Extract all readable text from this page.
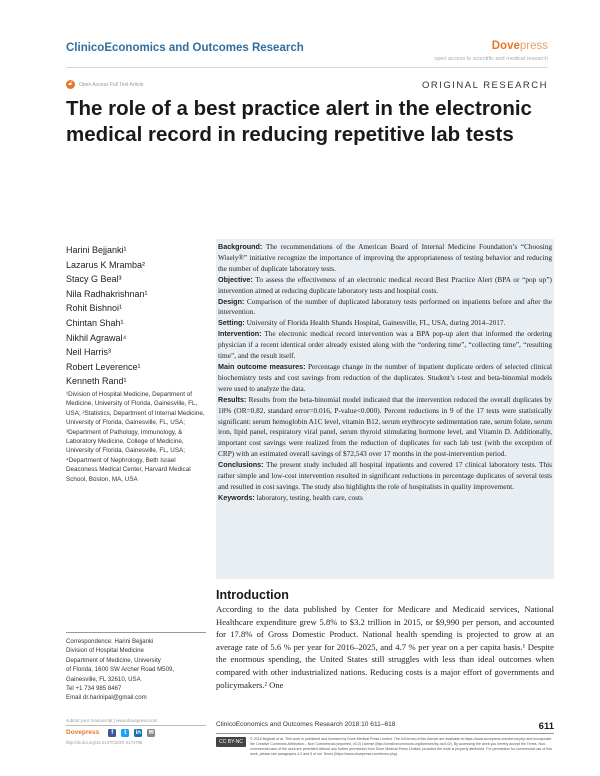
ClinicoEconomics and Outcomes Research	Dovepress
open access to scientific and medical research
🔓︎	Open Access Full Text Article	ORIGINAL RESEARCH
The role of a best practice alert in the electronic medical record in reducing repetitive lab tests
Harini Bejjanki¹
Lazarus K Mramba²
Stacy G Beal³
Nila Radhakrishnan¹
Rohit Bishnoi¹
Chintan Shah¹
Nikhil Agrawal⁴
Neil Harris³
Robert Leverence¹
Kenneth Rand¹
¹Division of Hospital Medicine, Department of Medicine, University of Florida, Gainesville, FL, USA; ²Statistics, Department of Internal Medicine, University of Florida, Gainesville, FL, USA; ³Department of Pathology, Immunology, & Laboratory Medicine, College of Medicine, University of Florida, Gainesville, FL, USA; ⁴Department of Nephrology, Beth Israel Deaconess Medical Center, Harvard Medical School, Boston, MA, USA
Correspondence: Harini Bejjanki
Division of Hospital Medicine
Department of Medicine, University
of Florida, 1600 SW Archer Road M509,
Gainesville, FL 32610, USA
Tel +1 734 985 8467
Email dr.harinipal@gmail.com

Background: The recommendations of the American Board of Internal Medicine Foundation’s “Choosing Wisely®” initiative recognize the importance of improving the appropriateness of testing behavior and reducing the number of duplicate laboratory tests.

Objective: To assess the effectiveness of an electronic medical record Best Practice Alert (BPA or “pop up”) intervention aimed at reducing duplicate laboratory tests and hospital costs.

Design: Comparison of the number of duplicated laboratory tests performed on inpatients before and after the intervention.

Setting: University of Florida Health Shands Hospital, Gainesville, FL, USA, during 2014–2017.

Intervention: The electronic medical record intervention was a BPA pop-up alert that informed the ordering physician if a recent identical order already existed along with the “ordering time”, “collecting time”, “resulting time”, and the result itself.

Main outcome measures: Percentage change in the number of inpatient duplicate orders of selected clinical biochemistry tests and cost savings from reduction of the duplicates. Student’s t-test and beta-binomial models were used to analyze the data.

Results: Results from the beta-binomial model indicated that the intervention reduced the overall duplicates by 18% (OR=0.82, standard error=0.016, P-value<0.000). Percent reductions in 9 of the 17 tests were statistically significant: serum hemoglobin A1C level, vitamin B12, serum erythrocyte sedimentation rate, serum folate, serum iron, lipid panel, respiratory viral panel, serum thyroid stimulating hormone level, and Vitamin D. Additionally, important cost savings were realized from the reduction of duplicates for each lab test (with the exception of CRP) with an estimated overall savings of $72,543 over 17 months in the post-intervention period.

Conclusions: The present study included all hospital inpatients and covered 17 clinical laboratory tests. This rather simple and low-cost intervention resulted in significant reductions in percentage duplicates of several tests and resulted in cost savings. The study also highlights the role of hospitalists in quality improvement.

Keywords: laboratory, testing, health care, costs

Introduction

According to the data published by Center for Medicare and Medicaid services, National Healthcare expenditure grew 5.8% to $3.2 trillion in 2015, or $9,990 per person, and accounted for 17.8% of Gross Domestic Product. National health spending is projected to grow at an average rate of 5.6 % per year for 2016–2025, and 4.7 % per year on a per capita basis.¹ Despite the enormous spending, the United States still struggles with less than ideal outcomes when compared with other industrialized nations. Reducing costs is a major effort of governments and policymakers.² One

submit your manuscript | www.dovepress.com
Dovepress	f	t	in ✉
http://dx.doi.org/10.2147/CEOR.S174705
ClinicoEconomics and Outcomes Research 2018:10 611–618	611
CC BY-NC	© 2018 Bejjanki et al. This work is published and licensed by Dove Medical Press Limited. The full terms of this license are available at https://www.dovepress.com/terms.php and incorporate the Creative Commons Attribution – Non Commercial (unported, v3.0) License (http://creativecommons.org/licenses/by-nc/3.0/). By accessing the work you hereby accept the Terms. Non-commercial uses of the work are permitted without any further permission from Dove Medical Press Limited, provided the work is properly attributed. For permission for commercial use of this work, please see paragraphs 4.2 and 5 of our Terms (https://www.dovepress.com/terms.php).
